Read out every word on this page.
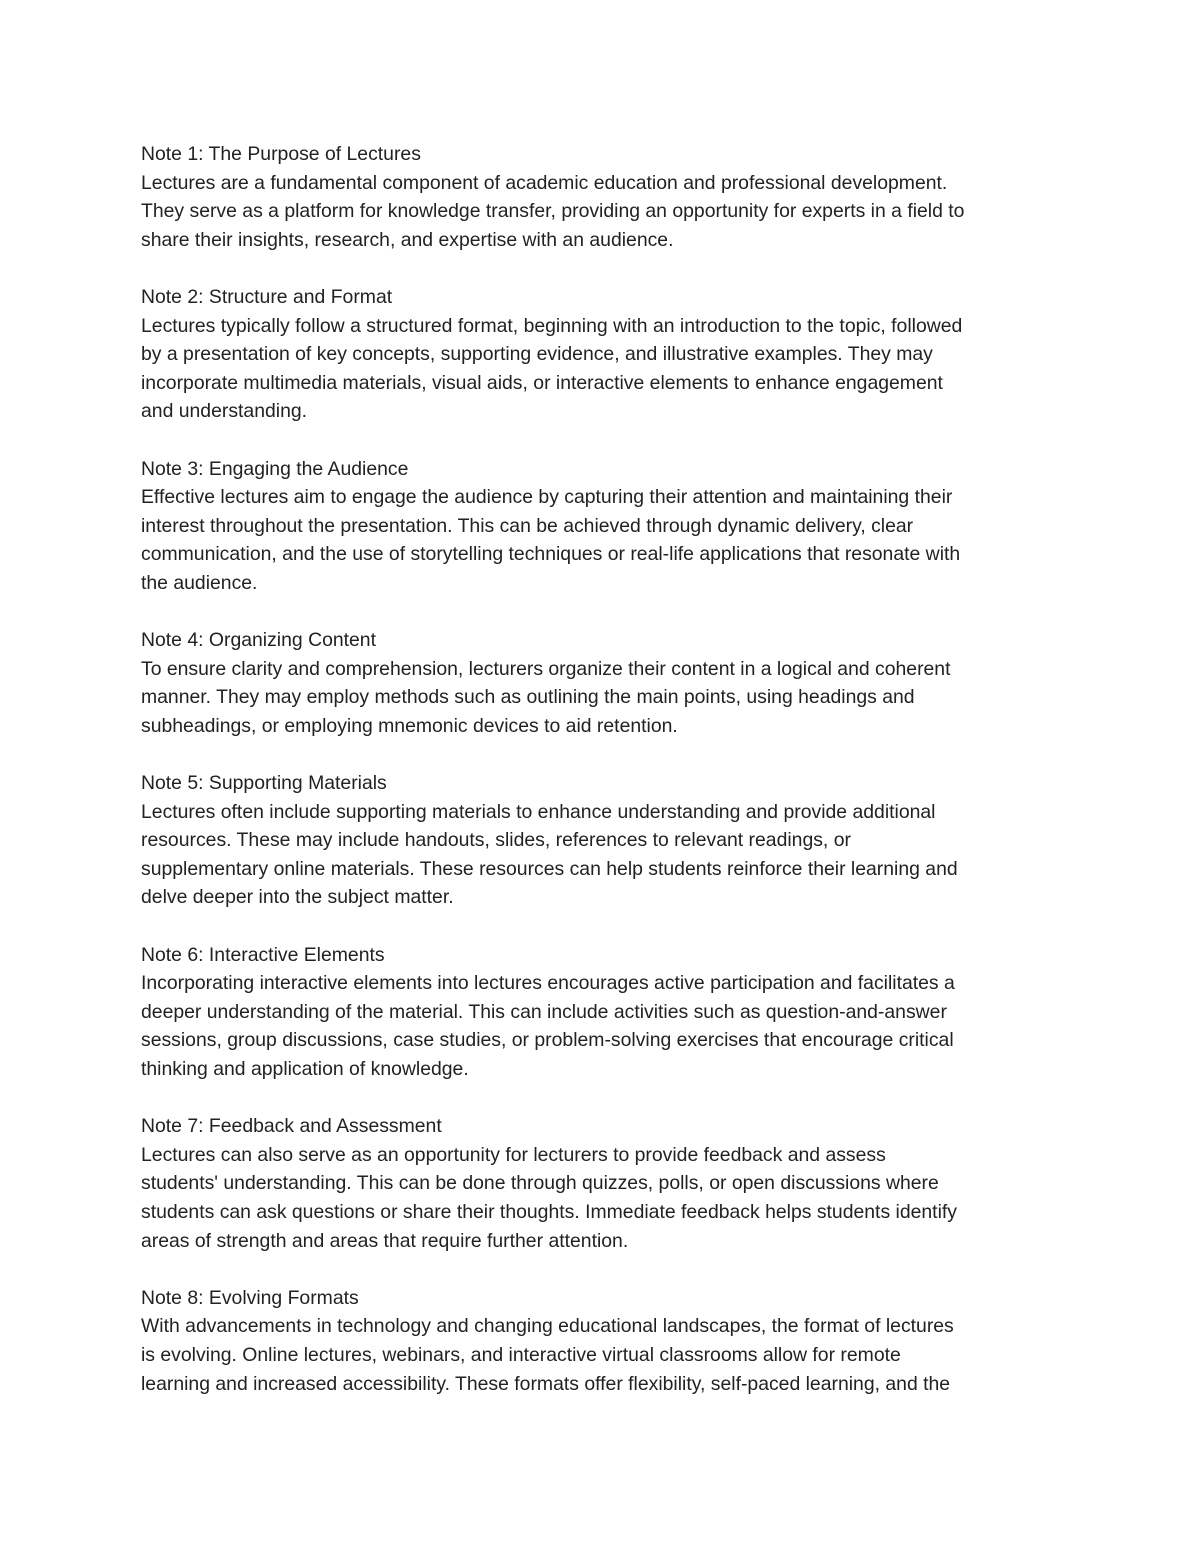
Note 1: The Purpose of Lectures

Lectures are a fundamental component of academic education and professional development.
They serve as a platform for knowledge transfer, providing an opportunity for experts in a field to
share their insights, research, and expertise with an audience.

Note 2: Structure and Format

Lectures typically follow a structured format, beginning with an introduction to the topic, followed
by a presentation of key concepts, supporting evidence, and illustrative examples. They may
incorporate multimedia materials, visual aids, or interactive elements to enhance engagement
and understanding.

Note 3: Engaging the Audience

Effective lectures aim to engage the audience by capturing their attention and maintaining their
interest throughout the presentation. This can be achieved through dynamic delivery, clear
communication, and the use of storytelling techniques or real-life applications that resonate with
the audience.

Note 4: Organizing Content

To ensure clarity and comprehension, lecturers organize their content in a logical and coherent
manner. They may employ methods such as outlining the main points, using headings and
subheadings, or employing mnemonic devices to aid retention.

Note 5: Supporting Materials

Lectures often include supporting materials to enhance understanding and provide additional
resources. These may include handouts, slides, references to relevant readings, or
supplementary online materials. These resources can help students reinforce their learning and
delve deeper into the subject matter.

Note 6: Interactive Elements

Incorporating interactive elements into lectures encourages active participation and facilitates a
deeper understanding of the material. This can include activities such as question-and-answer
sessions, group discussions, case studies, or problem-solving exercises that encourage critical
thinking and application of knowledge.

Note 7: Feedback and Assessment

Lectures can also serve as an opportunity for lecturers to provide feedback and assess
students' understanding. This can be done through quizzes, polls, or open discussions where
students can ask questions or share their thoughts. Immediate feedback helps students identify
areas of strength and areas that require further attention.

Note 8: Evolving Formats

With advancements in technology and changing educational landscapes, the format of lectures
is evolving. Online lectures, webinars, and interactive virtual classrooms allow for remote
learning and increased accessibility. These formats offer flexibility, self-paced learning, and the
